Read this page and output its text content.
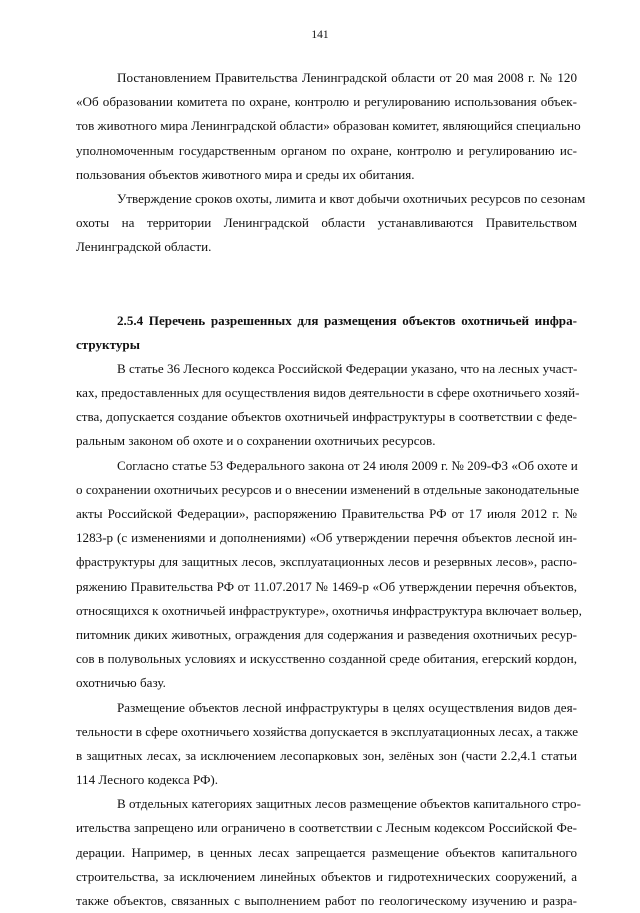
141
Постановлением Правительства Ленинградской области от 20 мая 2008 г. № 120
«Об образовании комитета по охране, контролю и регулированию использования объек-
тов животного мира Ленинградской области» образован комитет, являющийся специально
уполномоченным государственным органом по охране, контролю и регулированию ис-
пользования объектов животного мира и среды их обитания.
Утверждение сроков охоты, лимита и квот добычи охотничьих ресурсов по сезонам
охоты на территории Ленинградской области устанавливаются Правительством
Ленинградской области.
2.5.4 Перечень разрешенных для размещения объектов охотничьей инфра-
структуры
В статье 36 Лесного кодекса Российской Федерации указано, что на лесных участ-
ках, предоставленных для осуществления видов деятельности в сфере охотничьего хозяй-
ства, допускается создание объектов охотничьей инфраструктуры в соответствии с феде-
ральным законом об охоте и о сохранении охотничьих ресурсов.
Согласно статье 53 Федерального закона от 24 июля 2009 г. № 209-ФЗ «Об охоте и
о сохранении охотничьих ресурсов и о внесении изменений в отдельные законодательные
акты Российской Федерации», распоряжению Правительства РФ от 17 июля 2012 г. №
1283-р (с изменениями и дополнениями) «Об утверждении перечня объектов лесной ин-
фраструктуры для защитных лесов, эксплуатационных лесов и резервных лесов», распо-
ряжению Правительства РФ от 11.07.2017 № 1469-р «Об утверждении перечня объектов,
относящихся к охотничьей инфраструктуре», охотничья инфраструктура включает вольер,
питомник диких животных, ограждения для содержания и разведения охотничьих ресур-
сов в полувольных условиях и искусственно созданной среде обитания, егерский кордон,
охотничью базу.
Размещение объектов лесной инфраструктуры в целях осуществления видов дея-
тельности в сфере охотничьего хозяйства допускается в эксплуатационных лесах, а также
в защитных лесах, за исключением лесопарковых зон, зелёных зон (части 2.2,4.1 статьи
114 Лесного кодекса РФ).
В отдельных категориях защитных лесов размещение объектов капитального стро-
ительства запрещено или ограничено в соответствии с Лесным кодексом Российской Фе-
дерации. Например, в ценных лесах запрещается размещение объектов капитального
строительства, за исключением линейных объектов и гидротехнических сооружений, а
также объектов, связанных с выполнением работ по геологическому изучению и разра-
